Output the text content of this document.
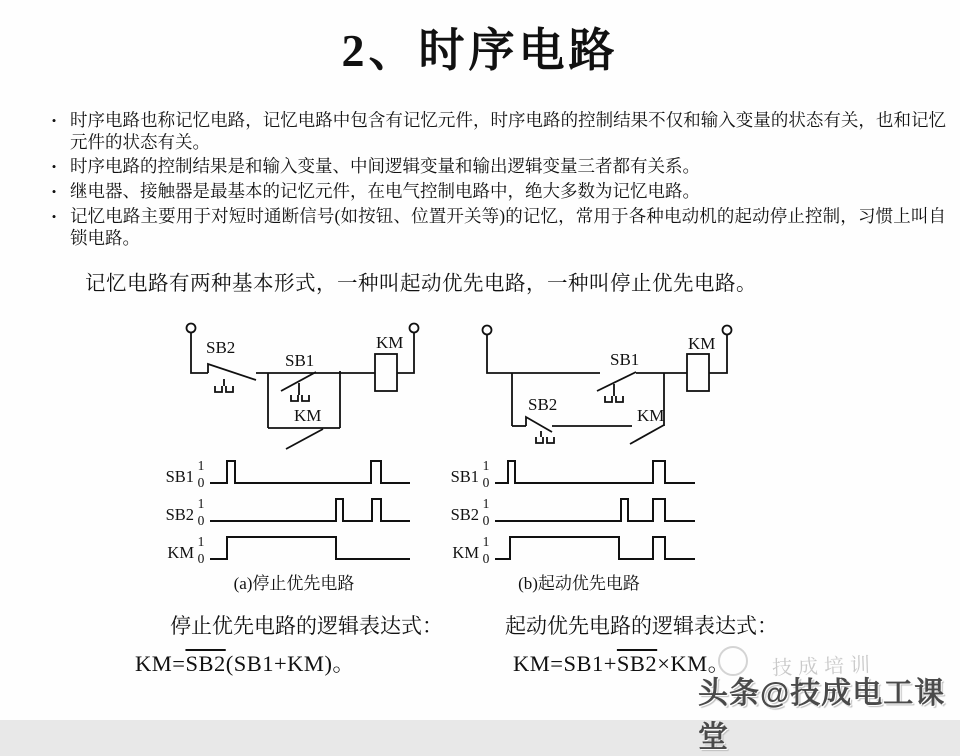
2、时序电路
• 时序电路也称记忆电路，记忆电路中包含有记忆元件，时序电路的控制结果不仅和输入变量的状态有关，也和记忆元件的状态有关。
• 时序电路的控制结果是和输入变量、中间逻辑变量和输出逻辑变量三者都有关系。
• 继电器、接触器是最基本的记忆元件，在电气控制电路中，绝大多数为记忆电路。
• 记忆电路主要用于对短时通断信号(如按钮、位置开关等)的记忆，常用于各种电动机的起动停止控制，习惯上叫自锁电路。
记忆电路有两种基本形式，一种叫起动优先电路，一种叫停止优先电路。
SB2
SB1
KM
KM
SB1
SB2
KM
KM
SB1
1
0
SB2
1
0
KM
1
0
SB1
1
0
SB2
1
0
KM
1
0
(a)停止优先电路	(b)起动优先电路
停止优先电路的逻辑表达式：
KM=SB2(SB1+KM)。
起动优先电路的逻辑表达式：
KM=SB1+SB2×KM。	技成培训
头条@技成电工课堂
